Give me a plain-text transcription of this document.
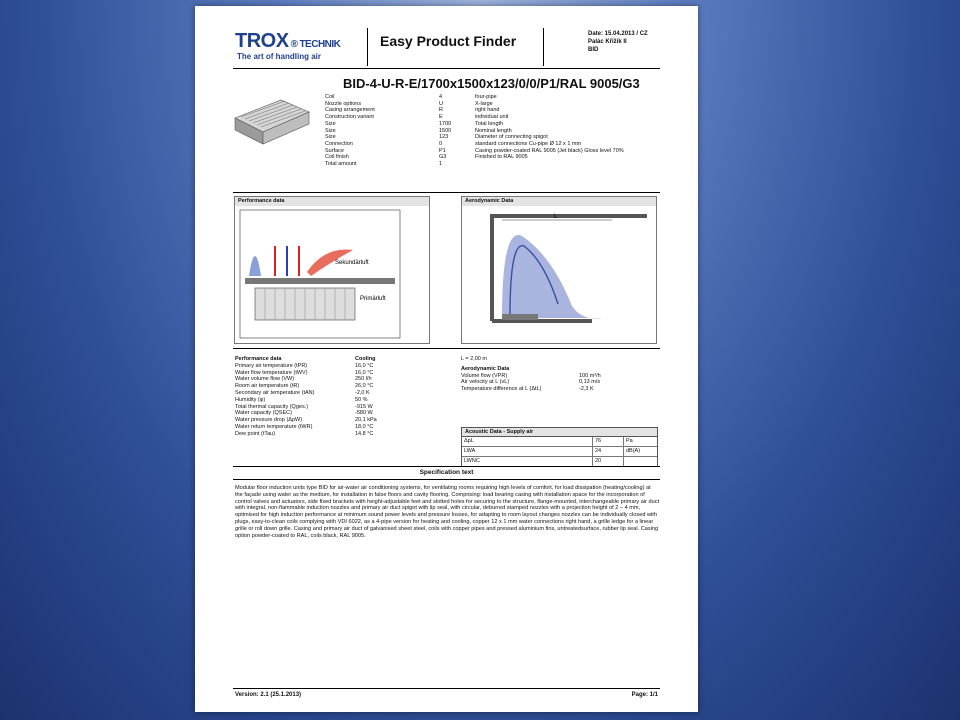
TROX ® TECHNIK
The art of handling air
Easy Product Finder	Date: 15.04.2013 / CZ
Palác Křižík II
BID
BID-4-U-R-E/1700x1500x123/0/0/P1/RAL 9005/G3
Coil	4	four-pipe
Nozzle options	U	X-large
Casing arrangement	R	right hand
Construction variant	E	individual unit
Size	1700	Total length
Size	1500	Nominal length
Size	123	Diameter of connecting spigot
Connection	0	standard connections Cu-pipe Ø 12 x 1 mm
Surface	P1	Casing powder-coated RAL 9005 (Jet black) Gloss level 70%
Coil finish	G3	Finished to RAL 9005
Total amount	1
Performance data
Sekundärluft
Primärluft
Aerodynamic Data
L
Performance data	Cooling
Primary air temperature (tPR)	16,0 °C
Water flow temperature (tWV)	16,0 °C
Water volume flow (VW)	250 l/h
Room air temperature (tR)	26,0 °C
Secondary air temperature (tAN)	-2,0 K
Humidity (φ)	50 %
Total thermal capacity (Qges.)	-915 W
Water capacity (QSEC)	-580 W
Water pressure drop (ΔpW)	20,1 kPa
Water return temperature (tWR)	18,0 °C
Dew point (tTau)	14,8 °C
L = 2,00 m
Aerodynamic Data
Volume flow (VPR)	100 m³/h
Air velocity at L (vL)	0,13 m/s
Temperature difference at L (ΔtL)	-2,3 K
Acoustic Data - Supply air
ΔpL	76	Pa
LWA	24	dB(A)
LWNC	20
Specification text
Modular floor induction units type BID for air-water air conditioning systems, for ventilating rooms requiring high levels of comfort, for load dissipation (heating/cooling) at the façade using water as the medium, for installation in false floors and cavity flooring. Comprising: load bearing casing with installation space for the incorporation of control valves and actuators, side fixed brackets with height-adjustable feet and slotted holes for securing to the structure, flange-mounted, interchangeable primary air duct with integral, non-flammable induction nozzles and primary air duct spigot with lip seal, with circular, deburred stamped nozzles with a projection height of 2 – 4 mm, optimised for high induction performance at minimum sound power levels and pressure losses, for adapting to room layout changes nozzles can be individually closed with plugs, easy-to-clean coils complying with VDI 6022, as a 4-pipe version for heating and cooling, copper 12 x 1 mm water connections right hand, a grille ledge for a linear grille or roll down grille. Casing and primary air duct of galvanised sheet steel, coils with copper pipes and pressed aluminium fins, untreatedsurface, rubber lip seal. Casing option powder-coated to RAL, coils black, RAL 9005.
Version: 2.1 (25.1.2013)	Page: 1/1
